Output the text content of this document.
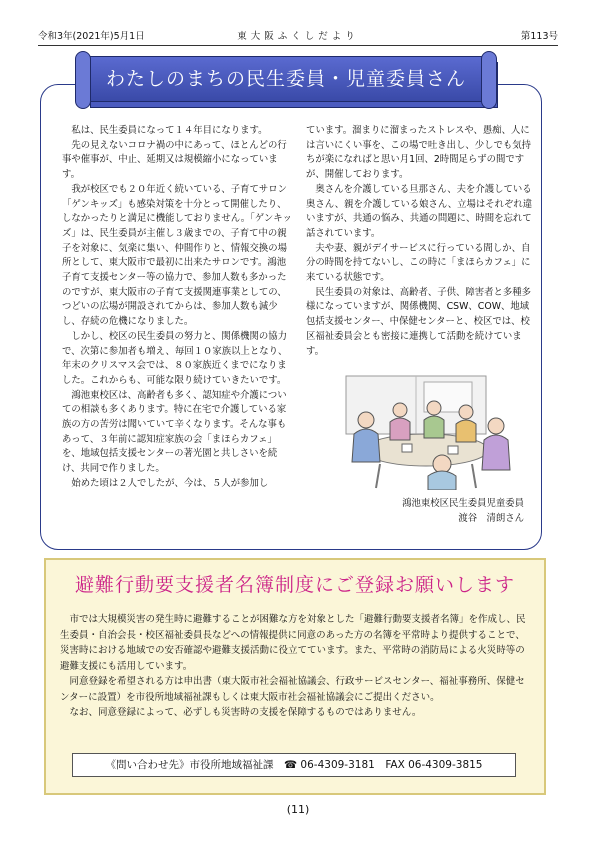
令和3年(2021年)5月1日	東大阪ふくしだより	第113号
わたしのまちの民生委員・児童委員さん

私は、民生委員になって１４年目になります。

先の見えないコロナ禍の中にあって、ほとんどの行事や催事が、中止、延期又は規模縮小になっています。

我が校区でも２０年近く続いている、子育てサロン「ゲンキッズ」も感染対策を十分とって開催したり、しなかったりと満足に機能しておりません。「ゲンキッズ」は、民生委員が主催し３歳までの、子育て中の親子を対象に、気楽に集い、仲間作りと、情報交換の場所として、東大阪市で最初に出来たサロンです。鴻池子育て支援センター等の協力で、参加人数も多かったのですが、東大阪市の子育て支援関連事業としての、つどいの広場が開設されてからは、参加人数も減少し、存続の危機になりました。

しかし、校区の民生委員の努力と、関係機関の協力で、次第に参加者も増え、毎回１０家族以上となり、年末のクリスマス会では、８０家族近くまでになりました。これからも、可能な限り続けていきたいです。

鴻池東校区は、高齢者も多く、認知症や介護についての相談も多くあります。特に在宅で介護している家族の方の苦労は聞いていて辛くなります。そんな事もあって、３年前に認知症家族の会「まほらカフェ」を、地域包括支援センターの著光園と共しさいを続け、共同で作りました。

始めた頃は２人でしたが、今は、５人が参加し

ています。溜まりに溜まったストレスや、愚痴、人には言いにくい事を、この場で吐き出し、少しでも気持ちが楽になればと思い月1回、2時間足らずの間ですが、開催しております。

奥さんを介護している旦那さん、夫を介護している奥さん、親を介護している娘さん、立場はそれぞれ違いますが、共通の悩み、共通の問題に、時間を忘れて話されています。

夫や妻、親がデイサービスに行っている間しか、自分の時間を持てないし、この時に「まほらカフェ」に来ている状態です。

民生委員の対象は、高齢者、子供、障害者と多種多様になっていますが、関係機関、CSW、COW、地域包括支援センター、中保健センターと、校区では、校区福祉委員会とも密接に連携して活動を続けています。

鴻池東校区民生委員児童委員
渡谷　清朗さん
避難行動要支援者名簿制度にご登録お願いします

市では大規模災害の発生時に避難することが困難な方を対象とした「避難行動要支援者名簿」を作成し、民生委員・自治会長・校区福祉委員長などへの情報提供に同意のあった方の名簿を平常時より提供することで、災害時における地域での安否確認や避難支援活動に役立てています。また、平常時の消防局による火災時等の避難支援にも活用しています。

同意登録を希望される方は申出書（東大阪市社会福祉協議会、行政サービスセンター、福祉事務所、保健センターに設置）を市役所地域福祉課もしくは東大阪市社会福祉協議会にご提出ください。

なお、同意登録によって、必ずしも災害時の支援を保障するものではありません。

《問い合わせ先》市役所地域福祉課　☎ 06-4309-3181　FAX 06-4309-3815
(11)
